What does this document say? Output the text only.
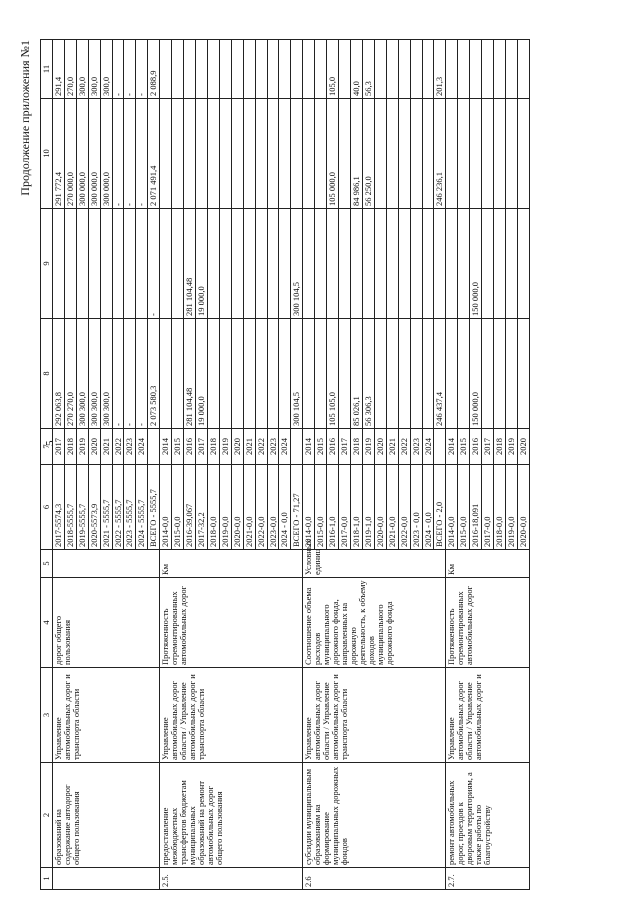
5
Продолжение приложения №1
1	2	3	4	5	6	7	8	9	10	11	
	образований на содержание автодорог общего пользования	Управление автомобильных дорог и транспорта области	дорог общего пользования		2017-5574,3	2017	292 063,8		291 772,4	291,4	
					2018-5555,7	2018	270 270,0		270 000,0	270,0	
					2019-5555,7	2019	300 300,0		300 000,0	300,0	
					2020-5573,9	2020	300 300,0		300 000,0	300,0	
					2021 - 5555,7	2021	300 300,0		300 000,0	300,0	
					2022 - 5555,7	2022	-		-	-	
					2023 - 5555,7	2023	-		-	-	
					2024 - 5555,7	2024	-		-	-	
					ВСЕГО - 5555,7		2 073 580,3	-	2 071 491,4	2 088,9	
2.5.	предоставление межбюджетных трансфертов бюджетам муниципальных образований на ремонт автомобильных дорог общего пользования	Управление автомобильных дорог области / Управление автомобильных дорог и транспорта области	Протяженность отремонтированных автомобильных дорог	Км	2014-0,0	2014					
					2015-0,0	2015					
					2016-39,067	2016	281 104,48	281 104,48			
					2017-32,2	2017	19 000,0	19 000,0			
					2018-0,0	2018					
					2019-0,0	2019					
					2020-0,0	2020					
					2021-0,0	2021					
					2022-0,0	2022					
					2023-0,0	2023					
					2024 - 0,0	2024					
					ВСЕГО - 71,27		300 104,5	300 104,5			
2.6	субсидии муниципальным образованиям на формирование муниципальных дорожных фондов	Управление автомобильных дорог области / Управление автомобильных дорог и транспорта области	Соотношение объема расходов муниципального дорожного фонда, направленных на дорожную деятельность, к объему доходов муниципального дорожного фонда	Условных единиц	2014-0,0	2014					
					2015-0,0	2015					
					2016-1,0	2016	105 105,0		105 000,0	105,0	
					2017-0,0	2017					
					2018-1,0	2018	85 026,1		84 986,1	40,0	
					2019-1,0	2019	56 306,3		56 250,0	56,3	
					2020-0,0	2020					
					2021-0,0	2021					
					2022-0,0	2022					
					2023 - 0,0	2023					
					2024 - 0,0	2024					
					ВСЕГО - 2,0		246 437,4		246 236,1	201,3	
2.7.	ремонт автомобильных дорог, проездов к дворовым территориям, а также работы по благоустройству	Управление автомобильных дорог области / Управление автомобильных дорог и	Протяженность отремонтированных автомобильных дорог	Км	2014-0,0	2014					
					2015-0,0	2015					
					2016-18,091	2016	150 000,0	150 000,0			
					2017-0,0	2017					
					2018-0,0	2018					
					2019-0,0	2019					
					2020-0,0	2020					
